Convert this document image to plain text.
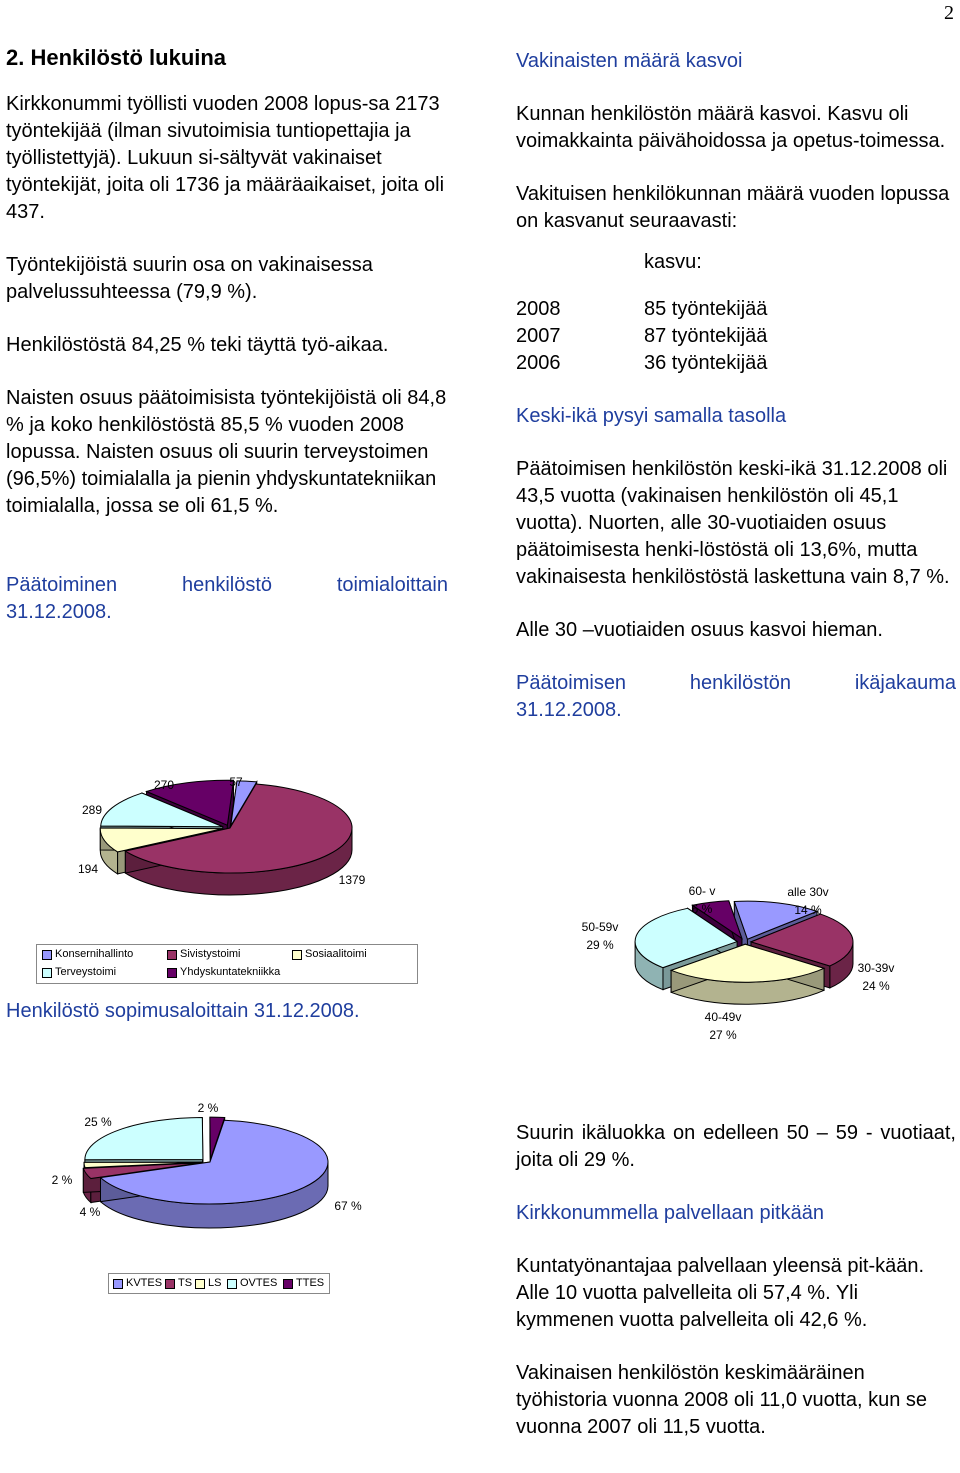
2
2. Henkilöstö lukuina

Kirkkonummi työllisti vuoden 2008 lopus-sa 2173 työntekijää (ilman sivutoimisia tuntiopettajia ja työllistettyjä). Lukuun si-sältyvät vakinaiset työntekijät, joita oli 1736 ja määräaikaiset, joita oli 437.

Työntekijöistä suurin osa on vakinaisessa palvelussuhteessa (79,9 %).

Henkilöstöstä 84,25 % teki täyttä työ-aikaa.

Naisten osuus päätoimisista työntekijöistä oli 84,8 % ja koko henkilöstöstä 85,5 % vuoden 2008 lopussa. Naisten osuus oli suurin terveystoimen (96,5%) toimialalla ja pienin yhdyskuntatekniikan toimialalla, jossa se oli 61,5 %.

Päätoiminen	henkilöstö	toimialoittain
31.12.2008.
57
1379
194
289
270
Konsernihallinto	Sivistystoimi	Sosiaalitoimi
Terveystoimi	Yhdyskuntatekniikka
Henkilöstö sopimusaloittain 31.12.2008.
67 %
4 %
2 %
25 %
2 %
KVTES TS LS OVTES TTES
Vakinaisten määrä kasvoi

Kunnan henkilöstön määrä kasvoi. Kasvu oli voimakkainta päivähoidossa ja opetus-toimessa.

Vakituisen henkilökunnan määrä vuoden lopussa on kasvanut seuraavasti:

kasvu:
2008	85 työntekijää
2007	87 työntekijää
2006	36 työntekijää
Keski-ikä pysyi samalla tasolla

Päätoimisen henkilöstön keski-ikä 31.12.2008 oli 43,5 vuotta (vakinaisen henkilöstön oli 45,1 vuotta). Nuorten, alle 30-vuotiaiden osuus päätoimisesta henki-löstöstä oli 13,6%, mutta vakinaisesta henkilöstöstä laskettuna vain 8,7 %.

Alle 30 –vuotiaiden osuus kasvoi hieman.

Päätoimisen	henkilöstön	ikäjakauma
31.12.2008.
alle 30v
14 %
30-39v
24 %
40-49v
27 %
50-59v
29 %
60- v
6 %

Suurin ikäluokka on edelleen 50 – 59 - vuotiaat, joita oli 29 %.

Kirkkonummella palvellaan pitkään

Kuntatyönantajaa palvellaan yleensä pit-kään. Alle 10 vuotta palvelleita oli 57,4 %. Yli kymmenen vuotta palvelleita oli 42,6 %.

Vakinaisen henkilöstön keskimääräinen työhistoria vuonna 2008 oli 11,0 vuotta, kun se vuonna 2007 oli 11,5 vuotta.
